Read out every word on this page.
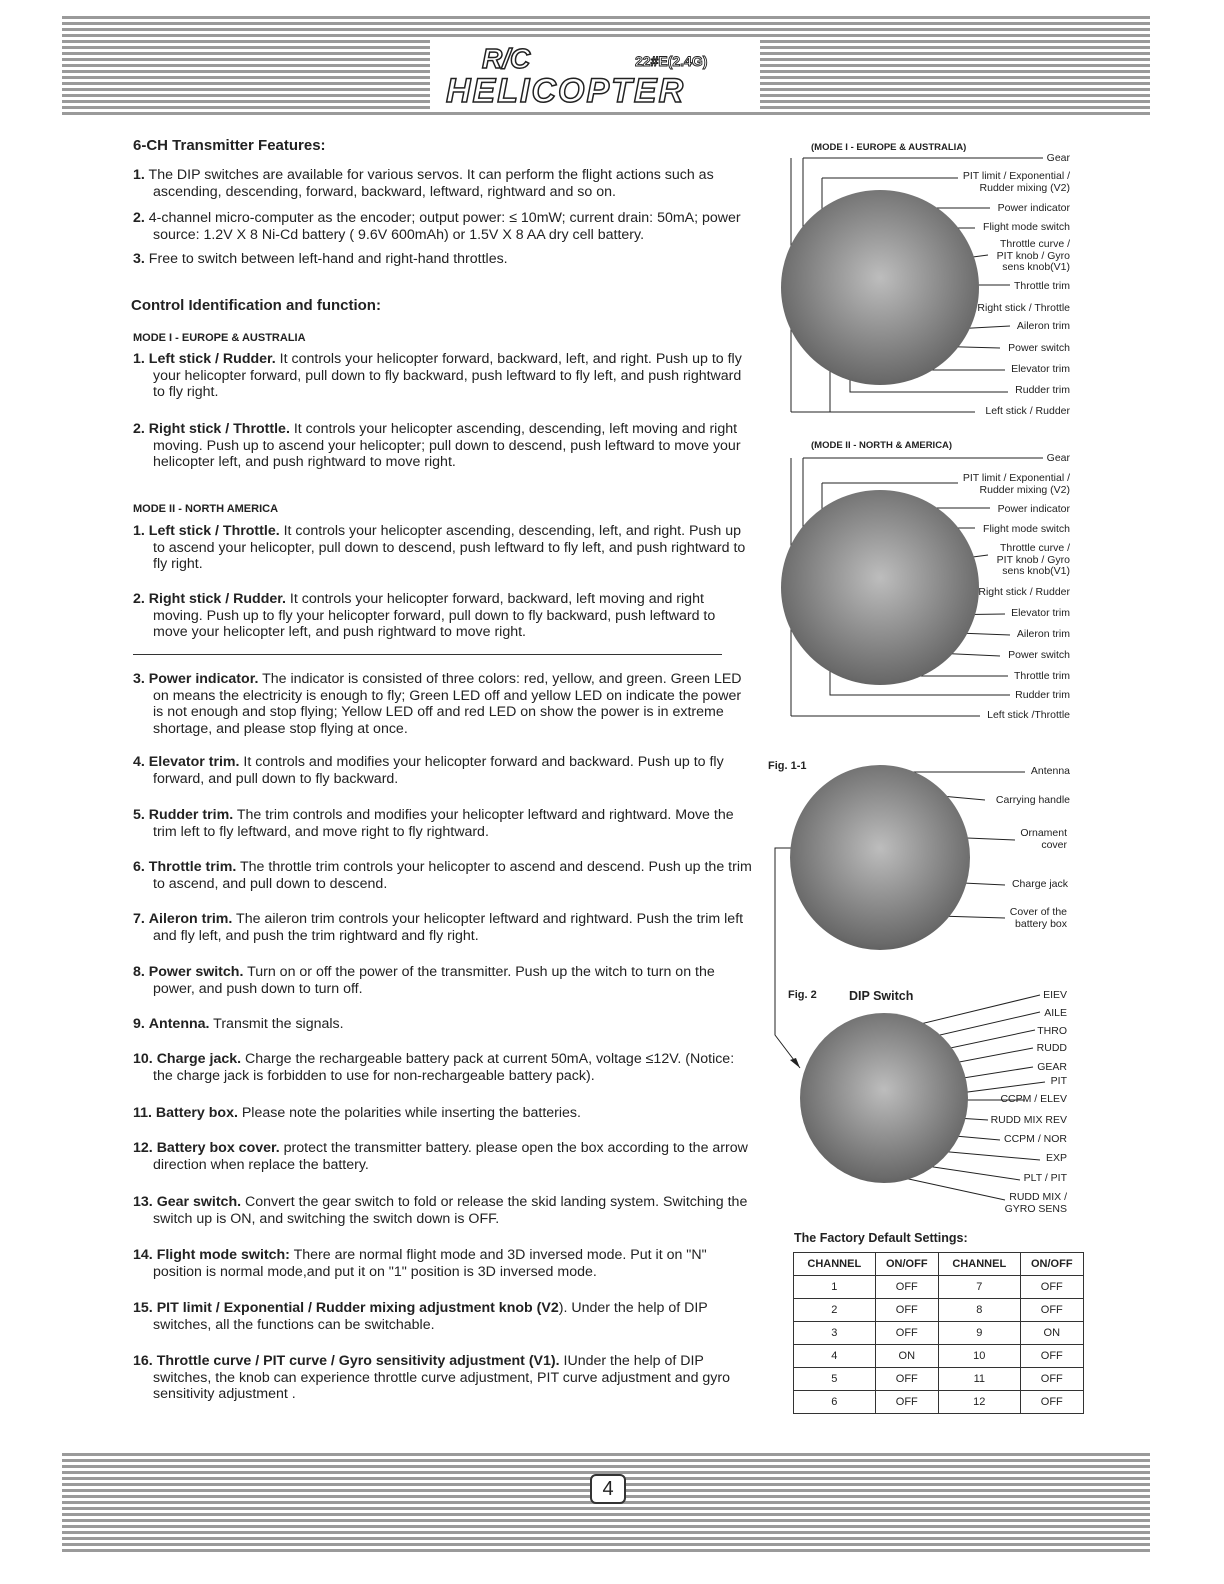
R/C	22#E(2.4G)
HELICOPTER
6-CH Transmitter Features:
1. The DIP switches are available for various servos. It can perform the flight actions such as ascending, descending, forward, backward, leftward, rightward and so on.
2. 4-channel micro-computer as the encoder; output power: ≤ 10mW; current drain: 50mA; power source: 1.2V X 8 Ni-Cd battery ( 9.6V 600mAh) or 1.5V X 8 AA dry cell battery.
3. Free to switch between left-hand and right-hand throttles.
Control Identification and function:
MODE I - EUROPE & AUSTRALIA
1. Left stick / Rudder. It controls your helicopter forward, backward, left, and right. Push up to fly your helicopter forward, pull down to fly backward, push leftward to fly left, and push rightward to fly right.
2. Right stick / Throttle. It controls your helicopter ascending, descending, left moving and right moving. Push up to ascend your helicopter; pull down to descend, push leftward to move your helicopter left, and push rightward to move right.
MODE II - NORTH AMERICA
1. Left stick / Throttle. It controls your helicopter ascending, descending, left, and right. Push up to ascend your helicopter, pull down to descend, push leftward to fly left, and push rightward to fly right.
2. Right stick / Rudder. It controls your helicopter forward, backward, left moving and right moving. Push up to fly your helicopter forward, pull down to fly backward, push leftward to move your helicopter left, and push rightward to move right.
3. Power indicator. The indicator is consisted of three colors: red, yellow, and green. Green LED on means the electricity is enough to fly; Green LED off and yellow LED on indicate the power is not enough and stop flying; Yellow LED off and red LED on show the power is in extreme shortage, and please stop flying at once.
4. Elevator trim. It controls and modifies your helicopter forward and backward. Push up to fly forward, and pull down to fly backward.
5. Rudder trim. The trim controls and modifies your helicopter leftward and rightward. Move the trim left to fly leftward, and move right to fly rightward.
6. Throttle trim. The throttle trim controls your helicopter to ascend and descend. Push up the trim to ascend, and pull down to descend.
7. Aileron trim. The aileron trim controls your helicopter leftward and rightward. Push the trim left and fly left, and push the trim rightward and fly right.
8. Power switch. Turn on or off the power of the transmitter. Push up the witch to turn on the power, and push down to turn off.
9. Antenna. Transmit the signals.
10. Charge jack. Charge the rechargeable battery pack at current 50mA, voltage ≤12V. (Notice: the charge jack is forbidden to use for non-rechargeable battery pack).
11. Battery box. Please note the polarities while inserting the batteries.
12. Battery box cover. protect the transmitter battery. please open the box according to the arrow direction when replace the battery.
13. Gear switch. Convert the gear switch to fold or release the skid landing system. Switching the switch up is ON, and switching the switch down is OFF.
14. Flight mode switch: There are normal flight mode and 3D inversed mode. Put it on "N" position is normal mode,and put it on "1" position is 3D inversed mode.
15. PIT limit / Exponential / Rudder mixing adjustment knob (V2). Under the help of DIP switches, all the functions can be switchable.
16. Throttle curve / PIT curve / Gyro sensitivity adjustment (V1). IUnder the help of DIP switches, the knob can experience throttle curve adjustment, PIT curve adjustment and gyro sensitivity adjustment .
(MODE I - EUROPE & AUSTRALIA)
Gear
PIT limit / Exponential / Rudder mixing (V2)
Power indicator
Flight mode switch
Throttle curve / PIT knob / Gyro sens knob(V1)
Throttle trim
Right stick / Throttle
Aileron trim
Power switch
Elevator trim
Rudder trim
Left stick / Rudder
(MODE II - NORTH & AMERICA)
Gear
PIT limit / Exponential / Rudder mixing (V2)
Power indicator
Flight mode switch
Throttle curve / PIT knob / Gyro sens knob(V1)
Right stick / Rudder
Elevator trim
Aileron trim
Power switch
Throttle trim
Rudder trim
Left stick /Throttle
Fig. 1-1	Antenna
Carrying handle
Ornament cover
Charge jack
Cover of the battery box
Fig. 2	DIP Switch	EIEV
AILE
THRO
RUDD
GEAR
PIT
CCPM / ELEV
RUDD MIX REV
CCPM / NOR
EXP
PLT / PIT
RUDD MIX / GYRO SENS
The Factory Default Settings:
CHANNEL	ON/OFF	CHANNEL	ON/OFF
1	OFF	7	OFF
2	OFF	8	OFF
3	OFF	9	ON
4	ON	10	OFF
5	OFF	11	OFF
6	OFF	12	OFF
4
